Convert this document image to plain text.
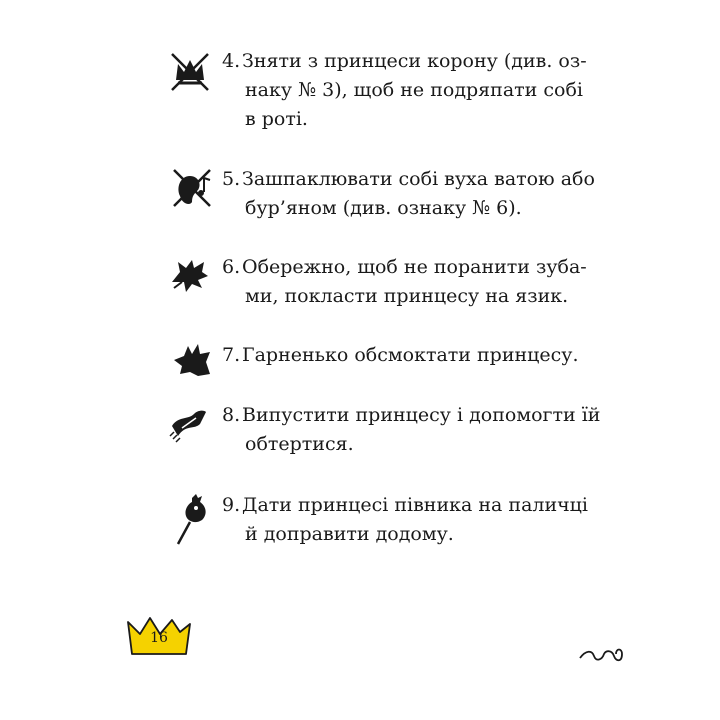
4. Зняти з принцеси корону (див. оз-
наку № 3), щоб не подряпати собі
в роті.
5. Зашпаклювати собі вуха ватою або
бур’яном (див. ознаку № 6).
6. Обережно, щоб не поранити зуба-
ми, покласти принцесу на язик.
7. Гарненько обсмоктати принцесу.
8. Випустити принцесу і допомогти їй
обтертися.
9. Дати принцесі півника на паличці
й доправити додому.
16
